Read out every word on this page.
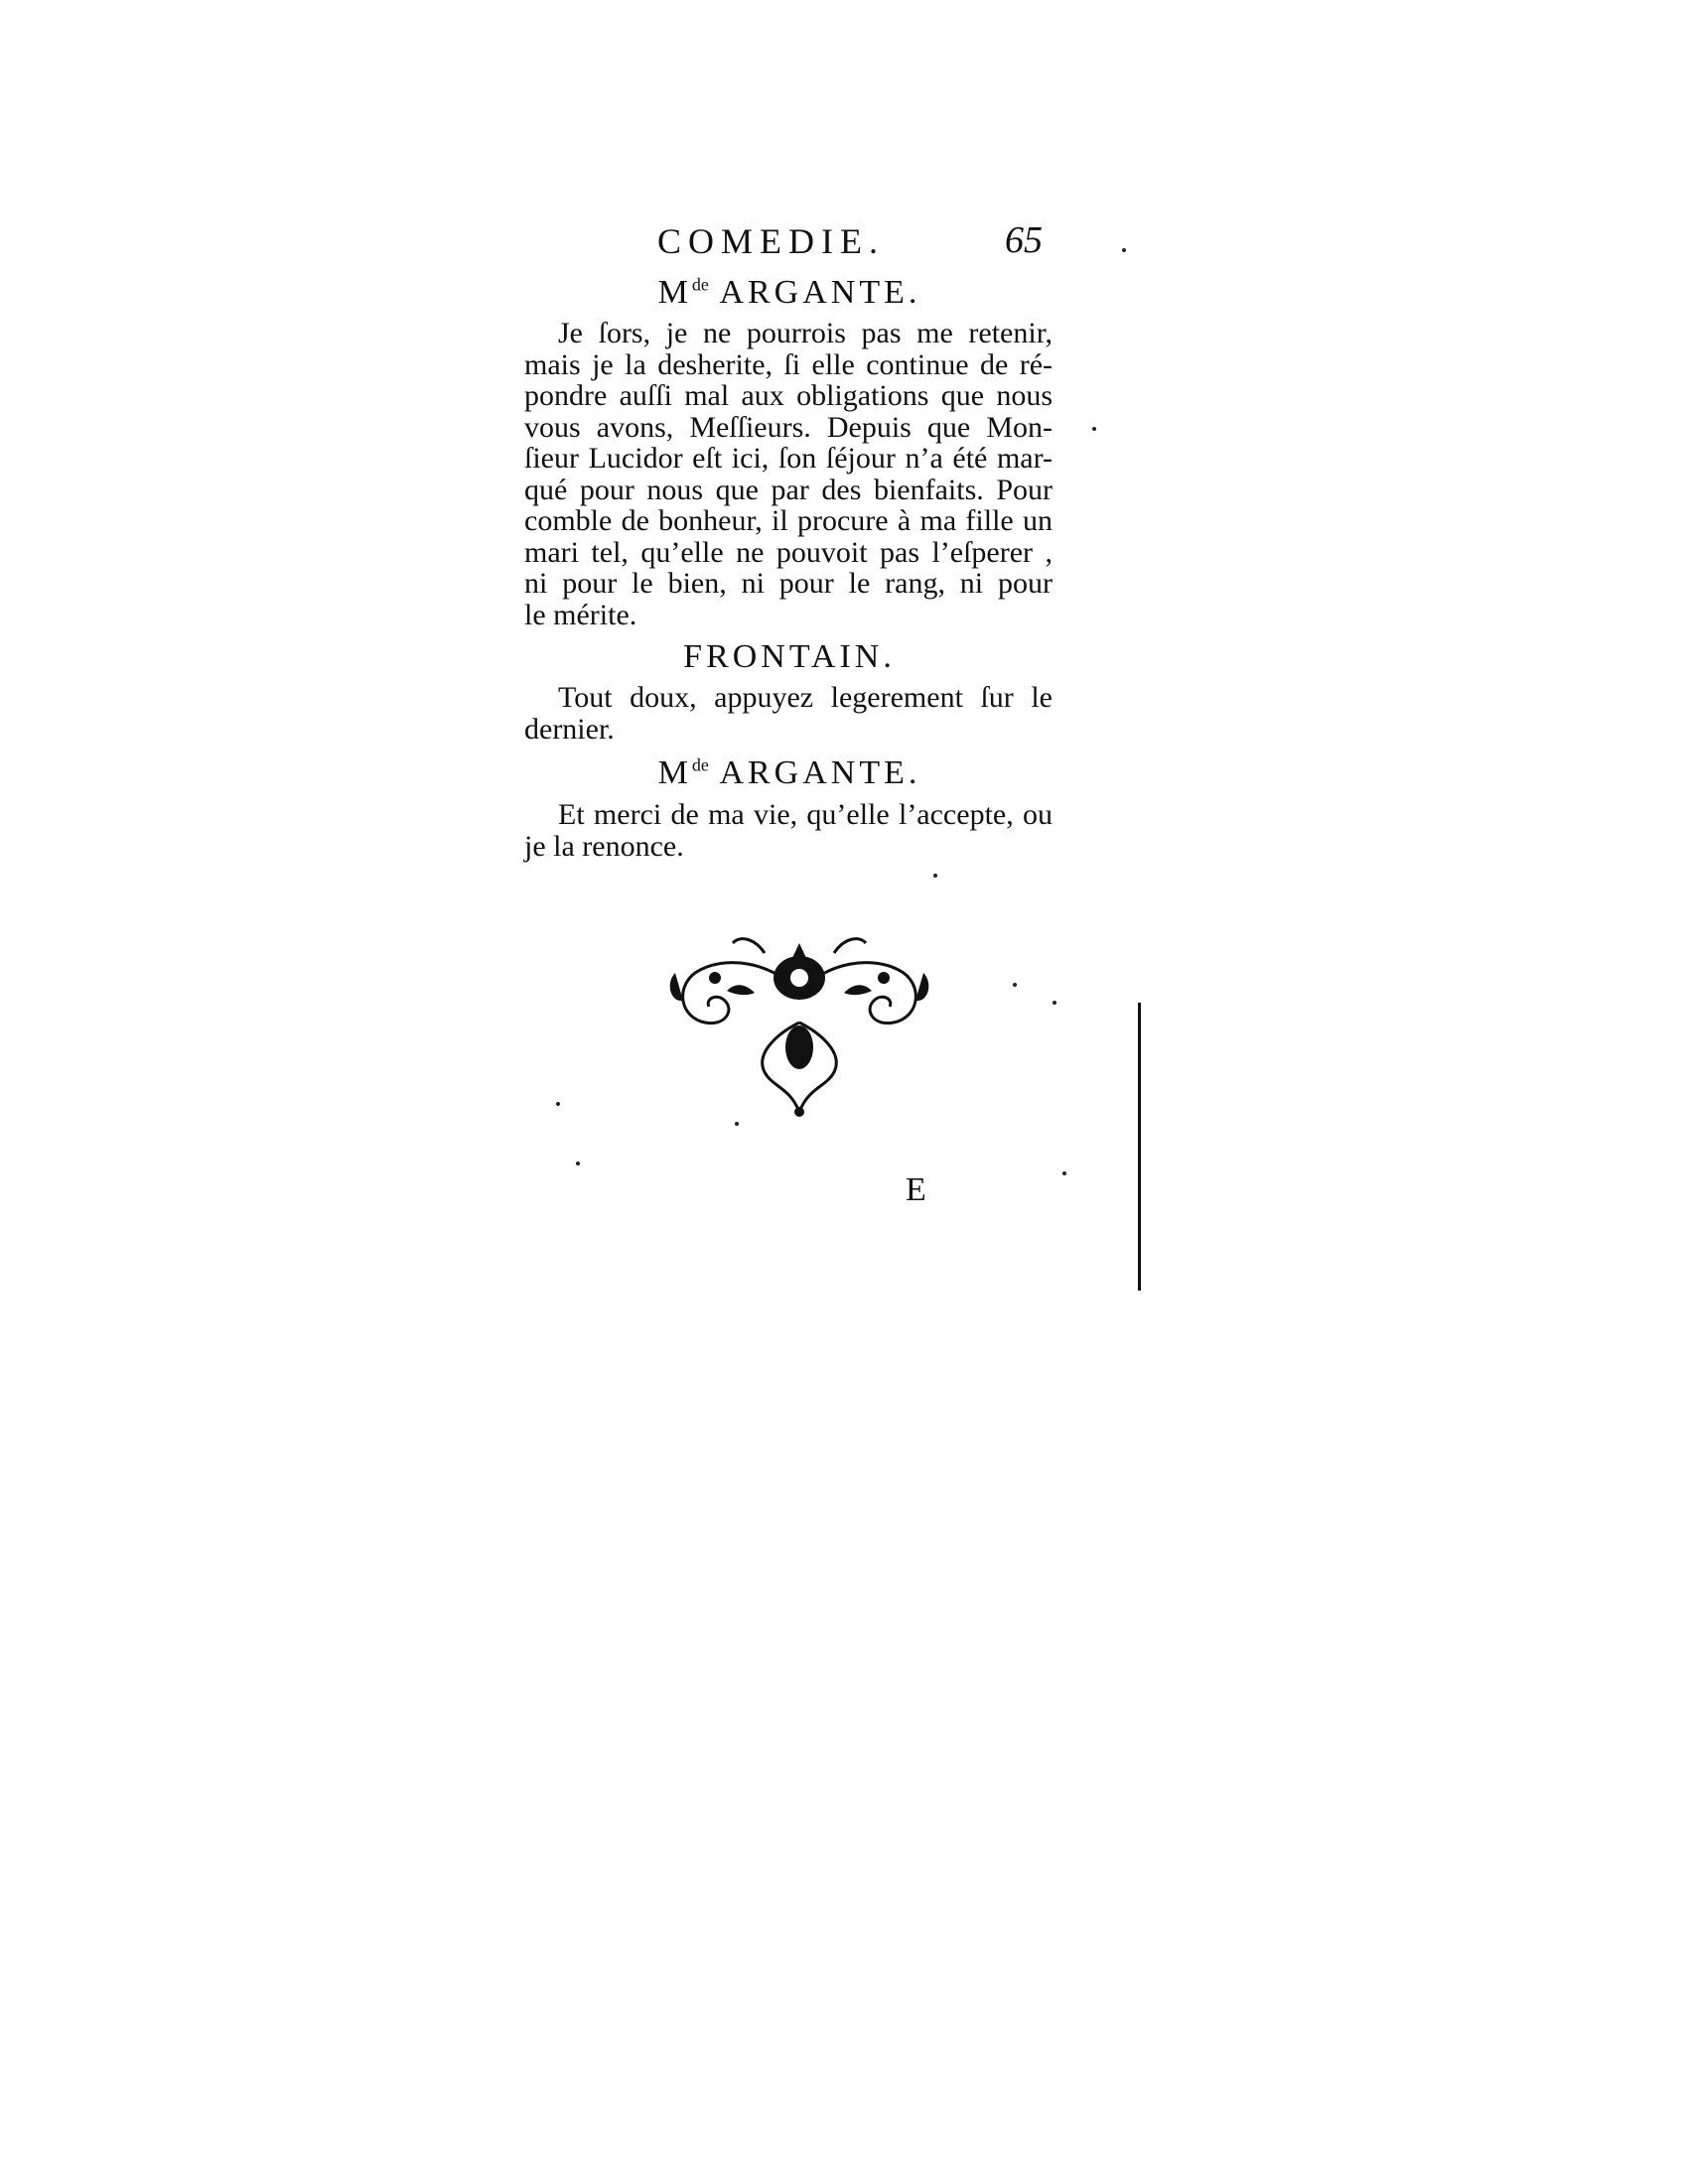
COMEDIE.	65
Mde ARGANTE.
Je ſors, je ne pourrois pas me retenir,
mais je la desherite, ſi elle continue de ré-
pondre auſſi mal aux obligations que nous
vous avons, Meſſieurs. Depuis que Mon-
ſieur Lucidor eſt ici, ſon ſéjour n’a été mar-
qué pour nous que par des bienfaits. Pour
comble de bonheur, il procure à ma fille un
mari tel, qu’elle ne pouvoit pas l’eſperer ,
ni pour le bien, ni pour le rang, ni pour
le mérite.
FRONTAIN.
Tout doux, appuyez legerement ſur le
dernier.
Mde ARGANTE.
Et merci de ma vie, qu’elle l’accepte, ou
je la renonce.
E
